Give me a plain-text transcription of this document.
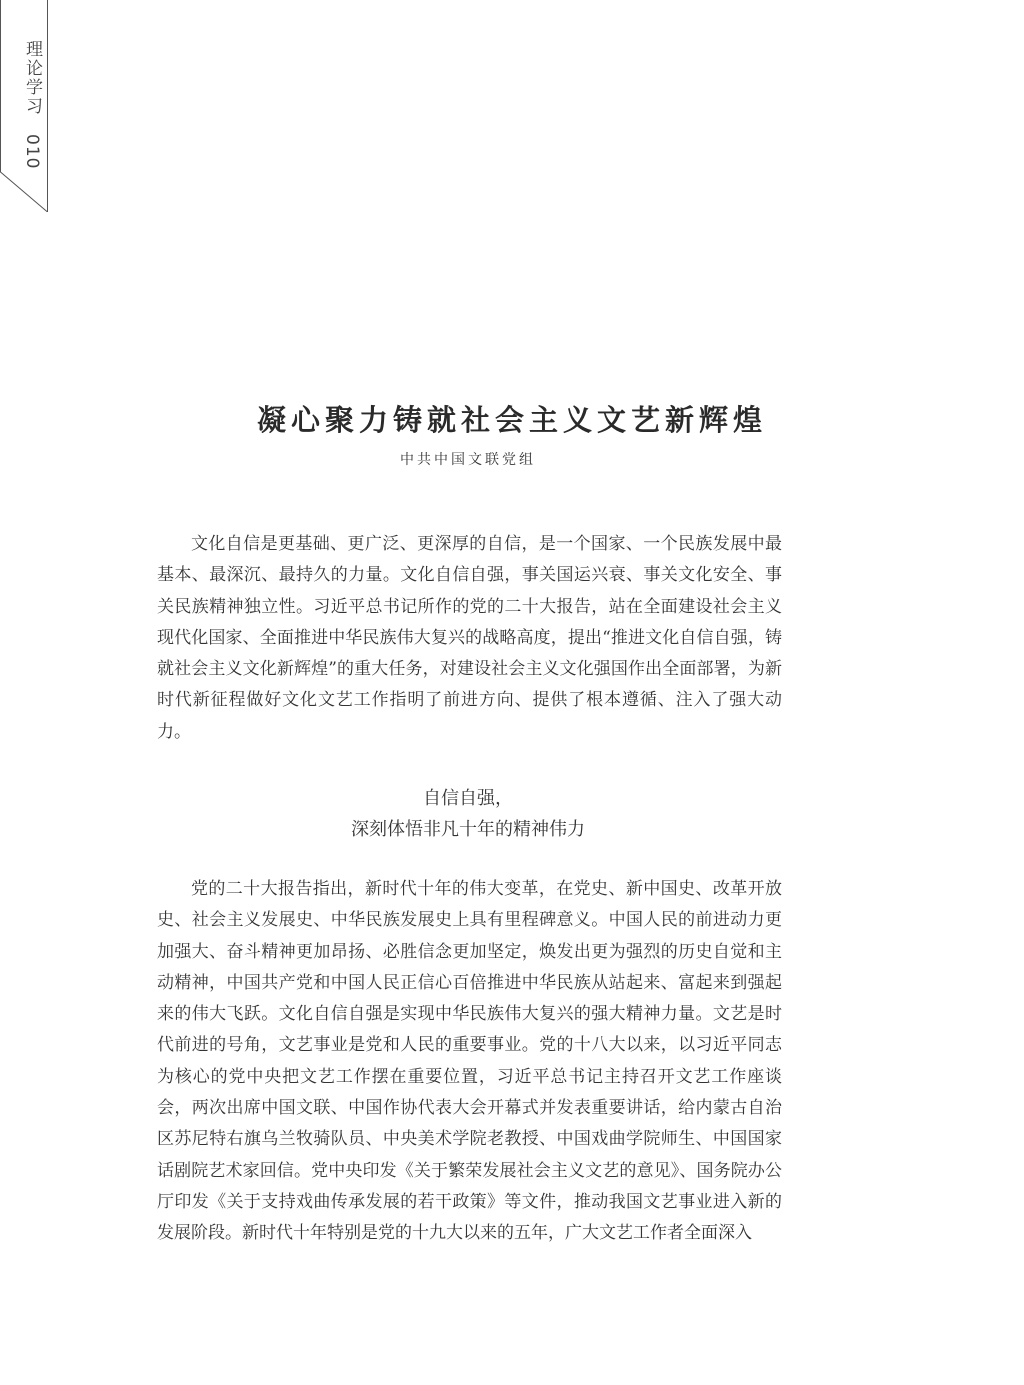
理论学习010
凝心聚力铸就社会主义文艺新辉煌
中共中国文联党组

文化自信是更基础、更广泛、更深厚的自信，是一个国家、一个民族发展中最基本、最深沉、最持久的力量。文化自信自强，事关国运兴衰、事关文化安全、事关民族精神独立性。习近平总书记所作的党的二十大报告，站在全面建设社会主义现代化国家、全面推进中华民族伟大复兴的战略高度，提出“推进文化自信自强，铸就社会主义文化新辉煌”的重大任务，对建设社会主义文化强国作出全面部署，为新时代新征程做好文化文艺工作指明了前进方向、提供了根本遵循、注入了强大动力。

自信自强，
深刻体悟非凡十年的精神伟力

党的二十大报告指出，新时代十年的伟大变革，在党史、新中国史、改革开放史、社会主义发展史、中华民族发展史上具有里程碑意义。中国人民的前进动力更加强大、奋斗精神更加昂扬、必胜信念更加坚定，焕发出更为强烈的历史自觉和主动精神，中国共产党和中国人民正信心百倍推进中华民族从站起来、富起来到强起来的伟大飞跃。文化自信自强是实现中华民族伟大复兴的强大精神力量。文艺是时代前进的号角，文艺事业是党和人民的重要事业。党的十八大以来，以习近平同志为核心的党中央把文艺工作摆在重要位置，习近平总书记主持召开文艺工作座谈会，两次出席中国文联、中国作协代表大会开幕式并发表重要讲话，给内蒙古自治区苏尼特右旗乌兰牧骑队员、中央美术学院老教授、中国戏曲学院师生、中国国家话剧院艺术家回信。党中央印发《关于繁荣发展社会主义文艺的意见》、国务院办公厅印发《关于支持戏曲传承发展的若干政策》等文件，推动我国文艺事业进入新的发展阶段。新时代十年特别是党的十九大以来的五年，广大文艺工作者全面深入
